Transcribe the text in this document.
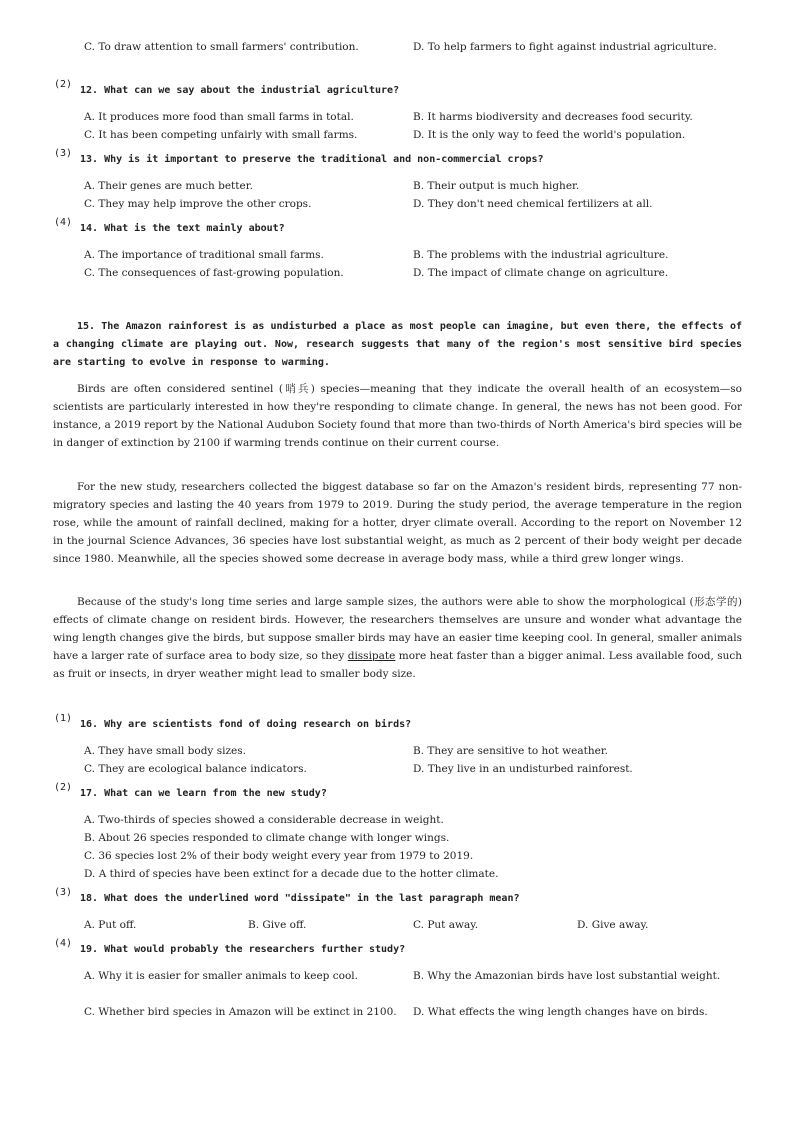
C. To draw attention to small farmers' contribution.	D. To help farmers to fight against industrial agriculture.
(2)
12. What can we say about the industrial agriculture?
A. It produces more food than small farms in total.	B. It harms biodiversity and decreases food security.
C. It has been competing unfairly with small farms.	D. It is the only way to feed the world's population.
(3)
13. Why is it important to preserve the traditional and non-commercial crops?
A. Their genes are much better.	B. Their output is much higher.
C. They may help improve the other crops.	D. They don't need chemical fertilizers at all.
(4)
14. What is the text mainly about?
A. The importance of traditional small farms.	B. The problems with the industrial agriculture.
C. The consequences of fast-growing population.	D. The impact of climate change on agriculture.
15. The Amazon rainforest is as undisturbed a place as most people can imagine, but even there, the effects of a changing climate are playing out. Now, research suggests that many of the region's most sensitive bird species are starting to evolve in response to warming.
Birds are often considered sentinel (哨兵) species—meaning that they indicate the overall health of an ecosystem—so scientists are particularly interested in how they're responding to climate change. In general, the news has not been good. For instance, a 2019 report by the National Audubon Society found that more than two-thirds of North America's bird species will be in danger of extinction by 2100 if warming trends continue on their current course.
For the new study, researchers collected the biggest database so far on the Amazon's resident birds, representing 77 non-migratory species and lasting the 40 years from 1979 to 2019. During the study period, the average temperature in the region rose, while the amount of rainfall declined, making for a hotter, dryer climate overall. According to the report on November 12 in the journal Science Advances, 36 species have lost substantial weight, as much as 2 percent of their body weight per decade since 1980. Meanwhile, all the species showed some decrease in average body mass, while a third grew longer wings.
Because of the study's long time series and large sample sizes, the authors were able to show the morphological (形态学的) effects of climate change on resident birds. However, the researchers themselves are unsure and wonder what advantage the wing length changes give the birds, but suppose smaller birds may have an easier time keeping cool. In general, smaller animals have a larger rate of surface area to body size, so they dissipate more heat faster than a bigger animal. Less available food, such as fruit or insects, in dryer weather might lead to smaller body size.
(1)
16. Why are scientists fond of doing research on birds?
A. They have small body sizes.	B. They are sensitive to hot weather.
C. They are ecological balance indicators.	D. They live in an undisturbed rainforest.
(2)
17. What can we learn from the new study?
A. Two-thirds of species showed a considerable decrease in weight.
B. About 26 species responded to climate change with longer wings.
C. 36 species lost 2% of their body weight every year from 1979 to 2019.
D. A third of species have been extinct for a decade due to the hotter climate.
(3)
18. What does the underlined word "dissipate" in the last paragraph mean?
A. Put off.	B. Give off.	C. Put away.	D. Give away.
(4)
19. What would probably the researchers further study?
A. Why it is easier for smaller animals to keep cool.	B. Why the Amazonian birds have lost substantial weight.
C. Whether bird species in Amazon will be extinct in 2100. D. What effects the wing length changes have on birds.
